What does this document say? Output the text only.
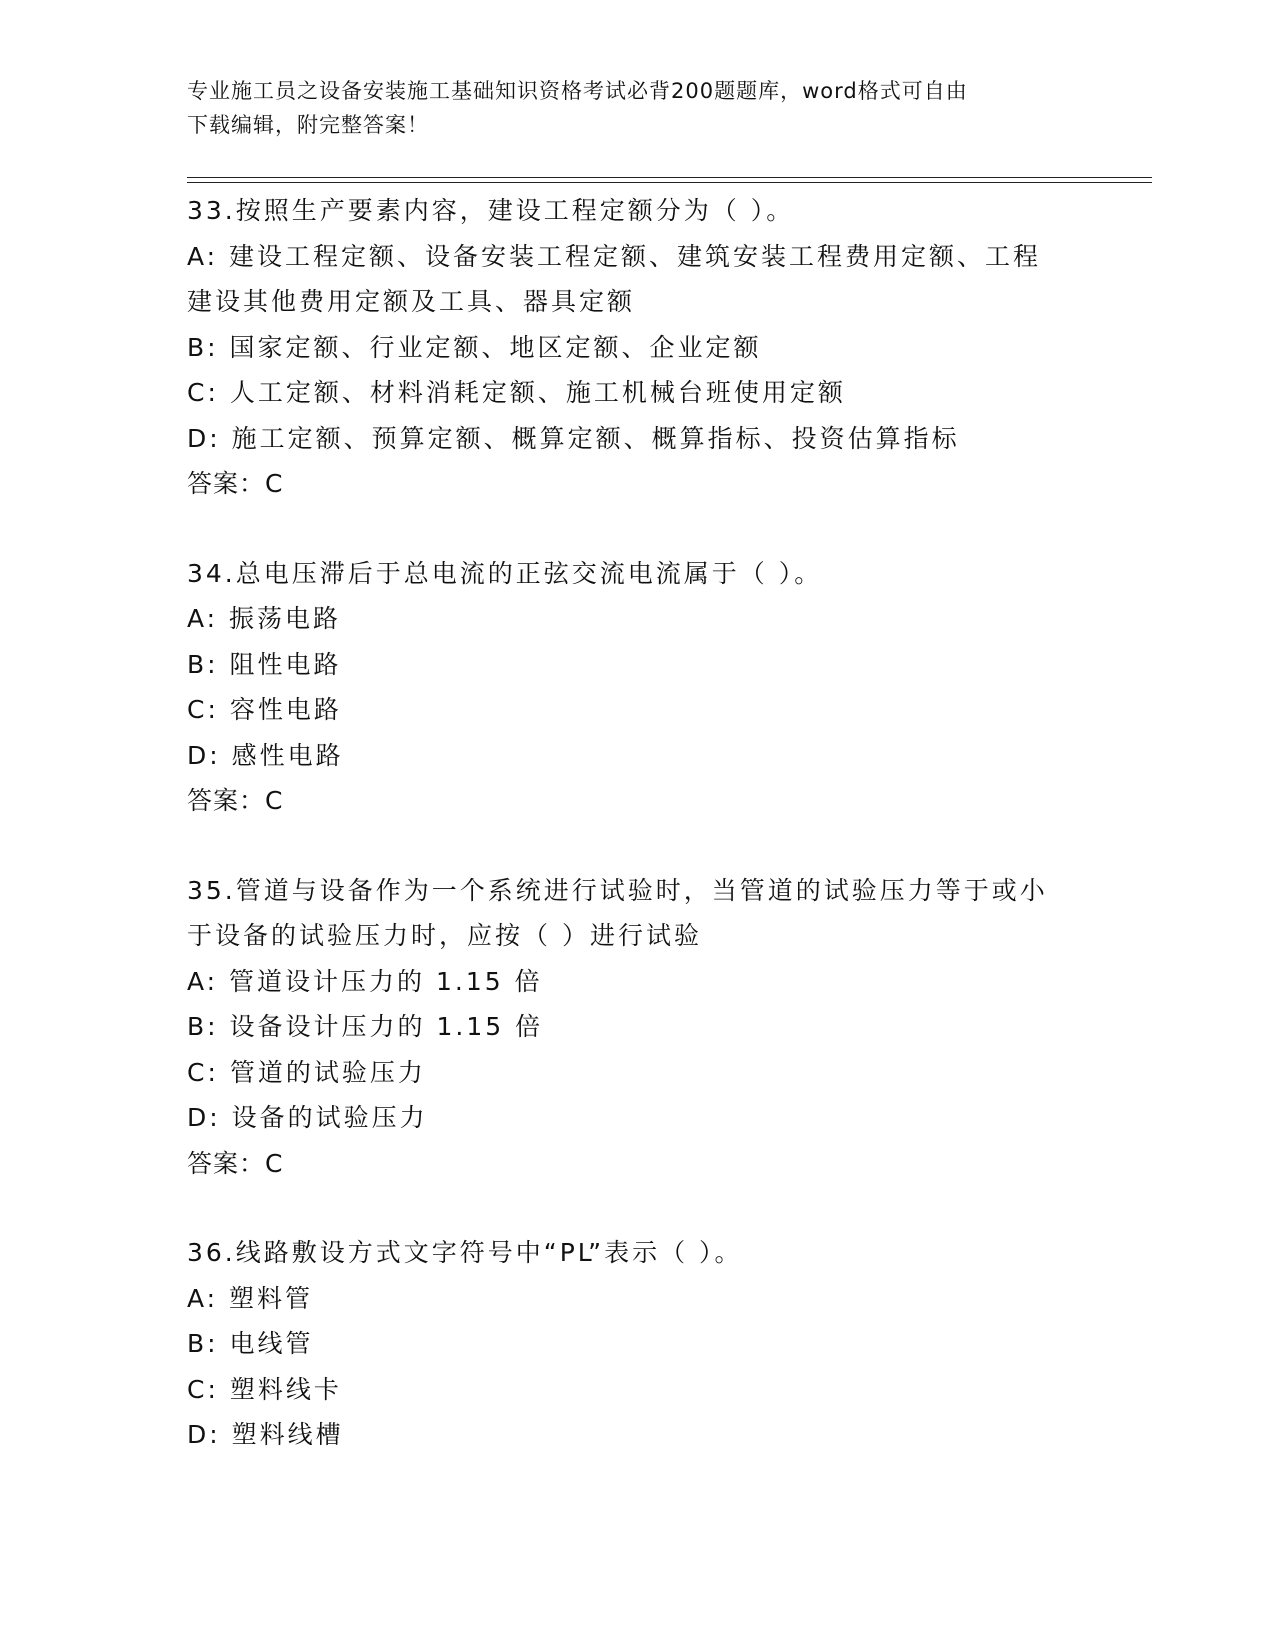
专业施工员之设备安装施工基础知识资格考试必背200题题库，word格式可自由
下载编辑，附完整答案！
33.按照生产要素内容，建设工程定额分为（ ）。
A: 建设工程定额、设备安装工程定额、建筑安装工程费用定额、工程
建设其他费用定额及工具、器具定额
B: 国家定额、行业定额、地区定额、企业定额
C: 人工定额、材料消耗定额、施工机械台班使用定额
D: 施工定额、预算定额、概算定额、概算指标、投资估算指标
答案：C
34.总电压滞后于总电流的正弦交流电流属于（ ）。
A: 振荡电路
B: 阻性电路
C: 容性电路
D: 感性电路
答案：C
35.管道与设备作为一个系统进行试验时，当管道的试验压力等于或小
于设备的试验压力时，应按（ ）进行试验
A: 管道设计压力的 1.15 倍
B: 设备设计压力的 1.15 倍
C: 管道的试验压力
D: 设备的试验压力
答案：C
36.线路敷设方式文字符号中“PL”表示（ ）。
A: 塑料管
B: 电线管
C: 塑料线卡
D: 塑料线槽
